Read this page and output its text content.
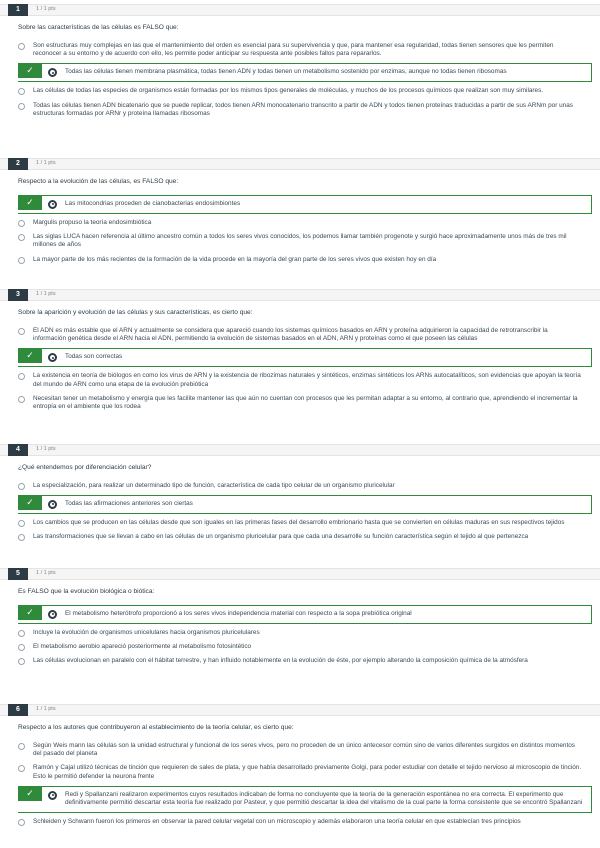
1	1 / 1 pts
Sobre las características de las células es FALSO que:
Son estructuras muy complejas en las que el mantenimiento del orden es esencial para su supervivencia y que, para mantener esa regularidad, todas tienen sensores que les permiten reconocer a su entorno y de acuerdo con ello, les permite poder anticipar su respuesta ante posibles fallos para repararlos.
✓	Todas las células tienen membrana plasmática, todas tienen ADN y todas tienen un metabolismo sostenido por enzimas, aunque no todas tienen ribosomas
Las células de todas las especies de organismos están formadas por los mismos tipos generales de moléculas, y muchos de los procesos químicos que realizan son muy similares.
Todas las células tienen ADN bicatenario que se puede replicar, todos tienen ARN monocatenario transcrito a partir de ADN y todos tienen proteínas traducidas a partir de sus ARNm por unas estructuras formadas por ARNr y proteína llamadas ribosomas
2	1 / 1 pts
Respecto a la evolución de las células, es FALSO que:
✓	Las mitocondrias proceden de cianobacterias endosimbiontes
Margulis propuso la teoría endosimbiótica
Las siglas LUCA hacen referencia al último ancestro común a todos los seres vivos conocidos, los podemos llamar también progenote y surgió hace aproximadamente unos más de tres mil millones de años
La mayor parte de los más recientes de la formación de la vida procede en la mayoría del gran parte de los seres vivos que existen hoy en día
3	1 / 1 pts
Sobre la aparición y evolución de las células y sus características, es cierto que:
El ADN es más estable que el ARN y actualmente se considera que apareció cuando los sistemas químicos basados en ARN y proteína adquirieron la capacidad de retrotranscribir la información genética desde el ARN hacia el ADN, permitiendo la evolución de sistemas basados en el ADN, ARN y proteínas como el que poseen las células
✓	Todas son correctas
La existencia en teoría de biólogos en como los virus de ARN y la existencia de ribozimas naturales y sintéticos, enzimas sintéticos los ARNs autocatalíticos, son evidencias que apoyan la teoría del mundo de ARN como una etapa de la evolución prebiótica
Necesitan tener un metabolismo y energía que les facilite mantener las que aún no cuentan con procesos que les permitan adaptar a su entorno, al contrario que, aprendiendo el incrementar la entropía en el ambiente que los rodea
4	1 / 1 pts
¿Qué entendemos por diferenciación celular?
La especialización, para realizar un determinado tipo de función, característica de cada tipo celular de un organismo pluricelular
✓	Todas las afirmaciones anteriores son ciertas
Los cambios que se producen en las células desde que son iguales en las primeras fases del desarrollo embrionario hasta que se convierten en células maduras en sus respectivos tejidos
Las transformaciones que se llevan a cabo en las células de un organismo pluricelular para que cada una desarrolle su función característica según el tejido al que pertenezca
5	1 / 1 pts
Es FALSO que la evolución biológica o biótica:
✓	El metabolismo heterótrofo proporcionó a los seres vivos independencia material con respecto a la sopa prebiótica original
Incluye la evolución de organismos unicelulares hacia organismos pluricelulares
El metabolismo aerobio apareció posteriormente al metabolismo fotosintético
Las células evolucionan en paralelo con el hábitat terrestre, y han influido notablemente en la evolución de éste, por ejemplo alterando la composición química de la atmósfera
6	1 / 1 pts
Respecto a los autores que contribuyeron al establecimiento de la teoría celular, es cierto que:
Según Weis mann las células son la unidad estructural y funcional de los seres vivos, pero no proceden de un único antecesor común sino de varios diferentes surgidos en distintos momentos del pasado del planeta
Ramón y Cajal utilizó técnicas de tinción que requieren de sales de plata, y que había desarrollado previamente Golgi, para poder estudiar con detalle el tejido nervioso al microscopio de tinción. Esto le permitió defender la neurona frente
✓	Redi y Spallanzani realizaron experimentos cuyos resultados indicaban de forma no concluyente que la teoría de la generación espontánea no era correcta. El experimento que definitivamente permitió descartar esta teoría fue realizado por Pasteur, y que permitió descartar la idea del vitalismo de la cual parte la forma consistente que se encontró Spallanzani
Schleiden y Schwann fueron los primeros en observar la pared celular vegetal con un microscopio y además elaboraron una teoría celular en que establecían tres principios
